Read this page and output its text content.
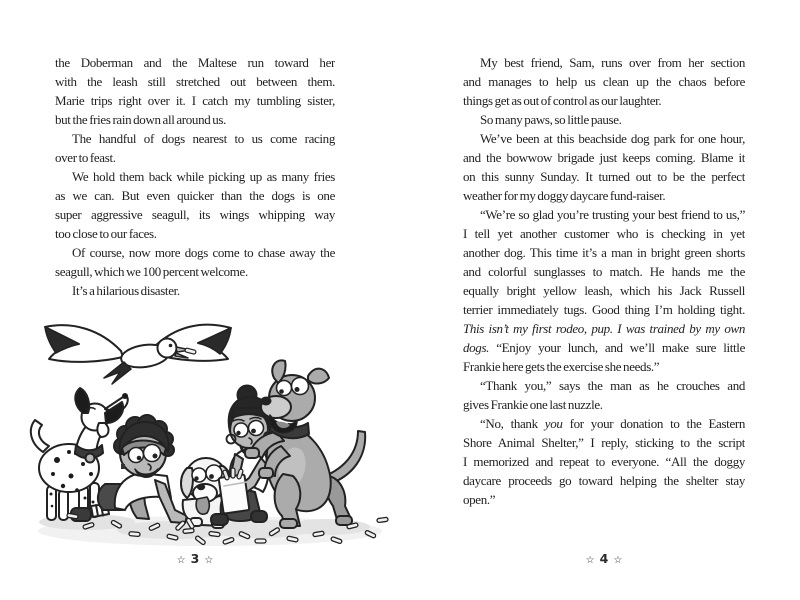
the Doberman and the Maltese run toward her
with the leash still stretched out between them.
Marie trips right over it. I catch my tumbling sister,
but the fries rain down all around us.
The handful of dogs nearest to us come racing
over to feast.
We hold them back while picking up as many fries
as we can. But even quicker than the dogs is one
super aggressive seagull, its wings whipping way
too close to our faces.
Of course, now more dogs come to chase away the
seagull, which we 100 percent welcome.
It’s a hilarious disaster.
☆ 3 ☆
My best friend, Sam, runs over from her section
and manages to help us clean up the chaos before
things get as out of control as our laughter.
So many paws, so little pause.
We’ve been at this beachside dog park for one hour,
and the bowwow brigade just keeps coming. Blame it
on this sunny Sunday. It turned out to be the perfect
weather for my doggy daycare fund-raiser.
“We’re so glad you’re trusting your best friend to us,”
I tell yet another customer who is checking in yet
another dog. This time it’s a man in bright green shorts
and colorful sunglasses to match. He hands me the
equally bright yellow leash, which his Jack Russell
terrier immediately tugs. Good thing I’m holding tight.
This isn’t my first rodeo, pup. I was trained by my own
dogs. “Enjoy your lunch, and we’ll make sure little
Frankie here gets the exercise she needs.”
“Thank you,” says the man as he crouches and
gives Frankie one last nuzzle.
“No, thank you for your donation to the Eastern
Shore Animal Shelter,” I reply, sticking to the script
I memorized and repeat to everyone. “All the doggy
daycare proceeds go toward helping the shelter stay
open.”
☆ 4 ☆
